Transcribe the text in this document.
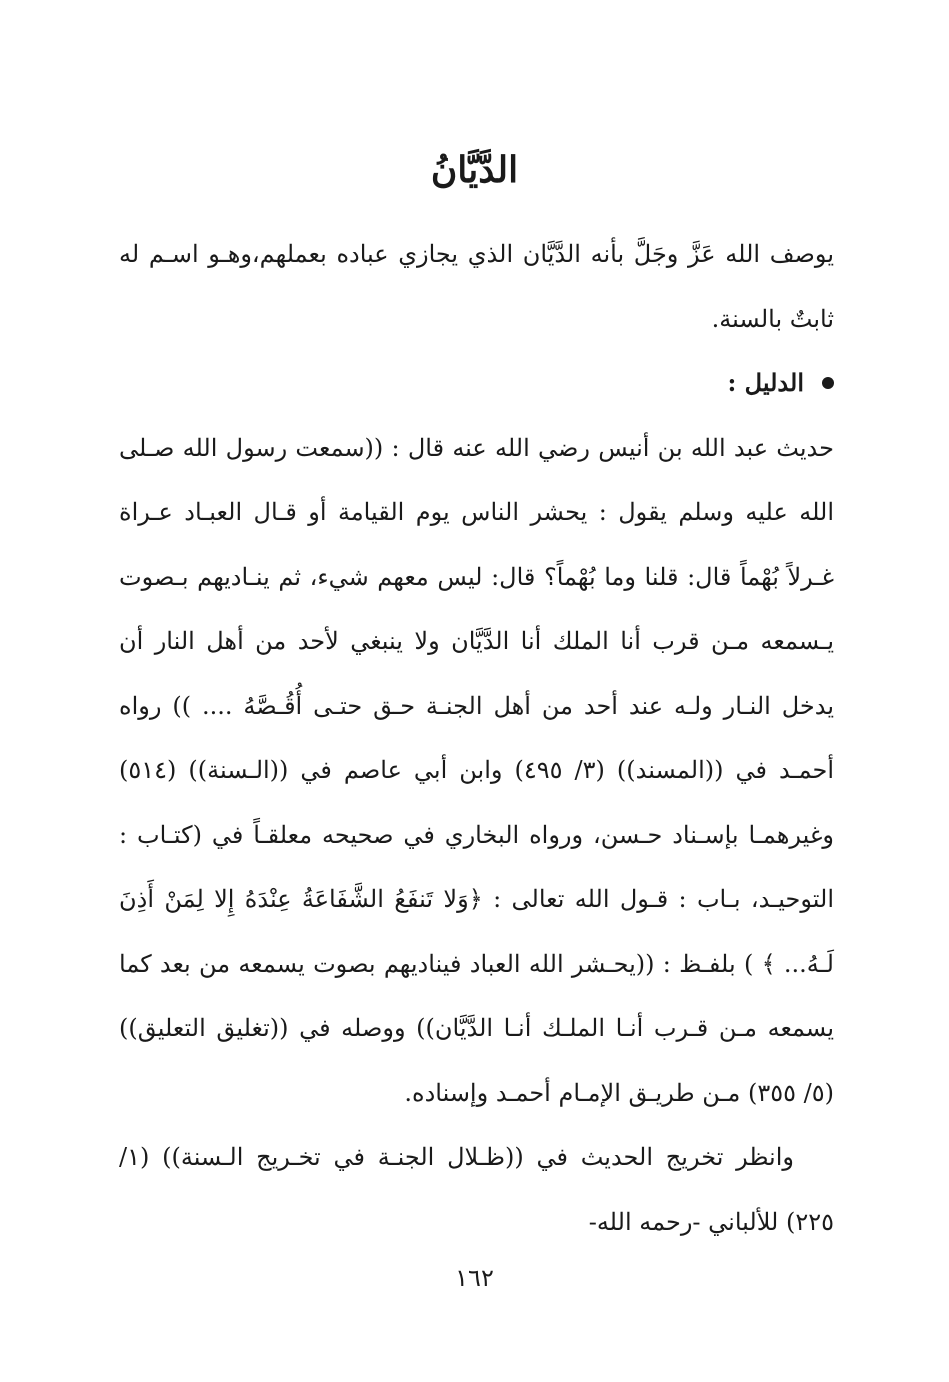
الدَّيَّانُ

يوصف الله عَزَّ وجَلَّ بأنه الدَّيَّان الذي يجازي عباده بعملهم،وهـو اسـم له ثابتٌ بالسنة.

الدليل :

حديث عبد الله بن أنيس رضي الله عنه قال : ((سمعت رسول الله صـلى الله عليه وسلم يقول : يحشر الناس يوم القيامة أو قـال العبـاد عـراة غـرلاً بُهْماً قال: قلنا وما بُهْماً؟ قال: ليس معهم شيء، ثم ينـاديهم بـصوت يـسمعه مـن قرب أنا الملك أنا الدَّيَّان ولا ينبغي لأحد من أهل النار أن يدخل النـار ولـه عند أحد من أهل الجنـة حـق حتـى أُقُـصَّهُ .... )) رواه أحمـد في ((المسند)) (٣/ ٤٩٥) وابن أبي عاصم في ((الـسنة)) (٥١٤) وغيرهمـا بإسـناد حـسن، ورواه البخاري في صحيحه معلقـاً في (كتـاب : التوحيـد، بـاب : قـول الله تعالى : ﴿وَلا تَنفَعُ الشَّفَاعَةُ عِنْدَهُ إِلا لِمَنْ أَذِنَ لَـهُ... ﴾ ) بلفـظ : ((يحـشر الله العباد فيناديهم بصوت يسمعه من بعد كما يسمعه مـن قـرب أنـا الملـك أنـا الدَّيَّان)) ووصله في ((تغليق التعليق)) (٥/ ٣٥٥) مـن طريـق الإمـام أحمـد وإسناده.

وانظر تخريج الحديث في ((ظـلال الجنـة في تخـريج الـسنة)) (١/ ٢٢٥) للألباني -رحمه الله-

١٦٢
